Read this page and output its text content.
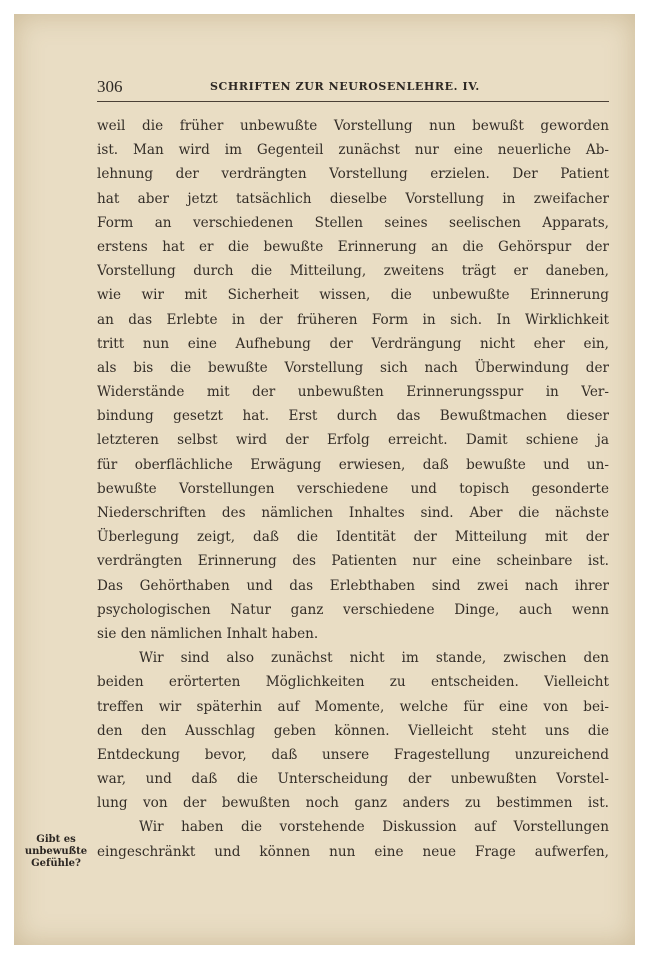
306	SCHRIFTEN ZUR NEUROSENLEHRE. IV.
weil die früher unbewußte Vorstellung nun bewußt geworden
ist. Man wird im Gegenteil zunächst nur eine neuerliche Ab-
lehnung der verdrängten Vorstellung erzielen. Der Patient
hat aber jetzt tatsächlich dieselbe Vorstellung in zweifacher
Form an verschiedenen Stellen seines seelischen Apparats,
erstens hat er die bewußte Erinnerung an die Gehörspur der
Vorstellung durch die Mitteilung, zweitens trägt er daneben,
wie wir mit Sicherheit wissen, die unbewußte Erinnerung
an das Erlebte in der früheren Form in sich. In Wirklichkeit
tritt nun eine Aufhebung der Verdrängung nicht eher ein,
als bis die bewußte Vorstellung sich nach Überwindung der
Widerstände mit der unbewußten Erinnerungsspur in Ver-
bindung gesetzt hat. Erst durch das Bewußtmachen dieser
letzteren selbst wird der Erfolg erreicht. Damit schiene ja
für oberflächliche Erwägung erwiesen, daß bewußte und un-
bewußte Vorstellungen verschiedene und topisch gesonderte
Niederschriften des nämlichen Inhaltes sind. Aber die nächste
Überlegung zeigt, daß die Identität der Mitteilung mit der
verdrängten Erinnerung des Patienten nur eine scheinbare ist.
Das Gehörthaben und das Erlebthaben sind zwei nach ihrer
psychologischen Natur ganz verschiedene Dinge, auch wenn
sie den nämlichen Inhalt haben.
Wir sind also zunächst nicht im stande, zwischen den
beiden erörterten Möglichkeiten zu entscheiden. Vielleicht
treffen wir späterhin auf Momente, welche für eine von bei-
den den Ausschlag geben können. Vielleicht steht uns die
Entdeckung bevor, daß unsere Fragestellung unzureichend
war, und daß die Unterscheidung der unbewußten Vorstel-
lung von der bewußten noch ganz anders zu bestimmen ist.
Wir haben die vorstehende Diskussion auf Vorstellungen
eingeschränkt und können nun eine neue Frage aufwerfen,
Gibt es
unbewußte
Gefühle?
